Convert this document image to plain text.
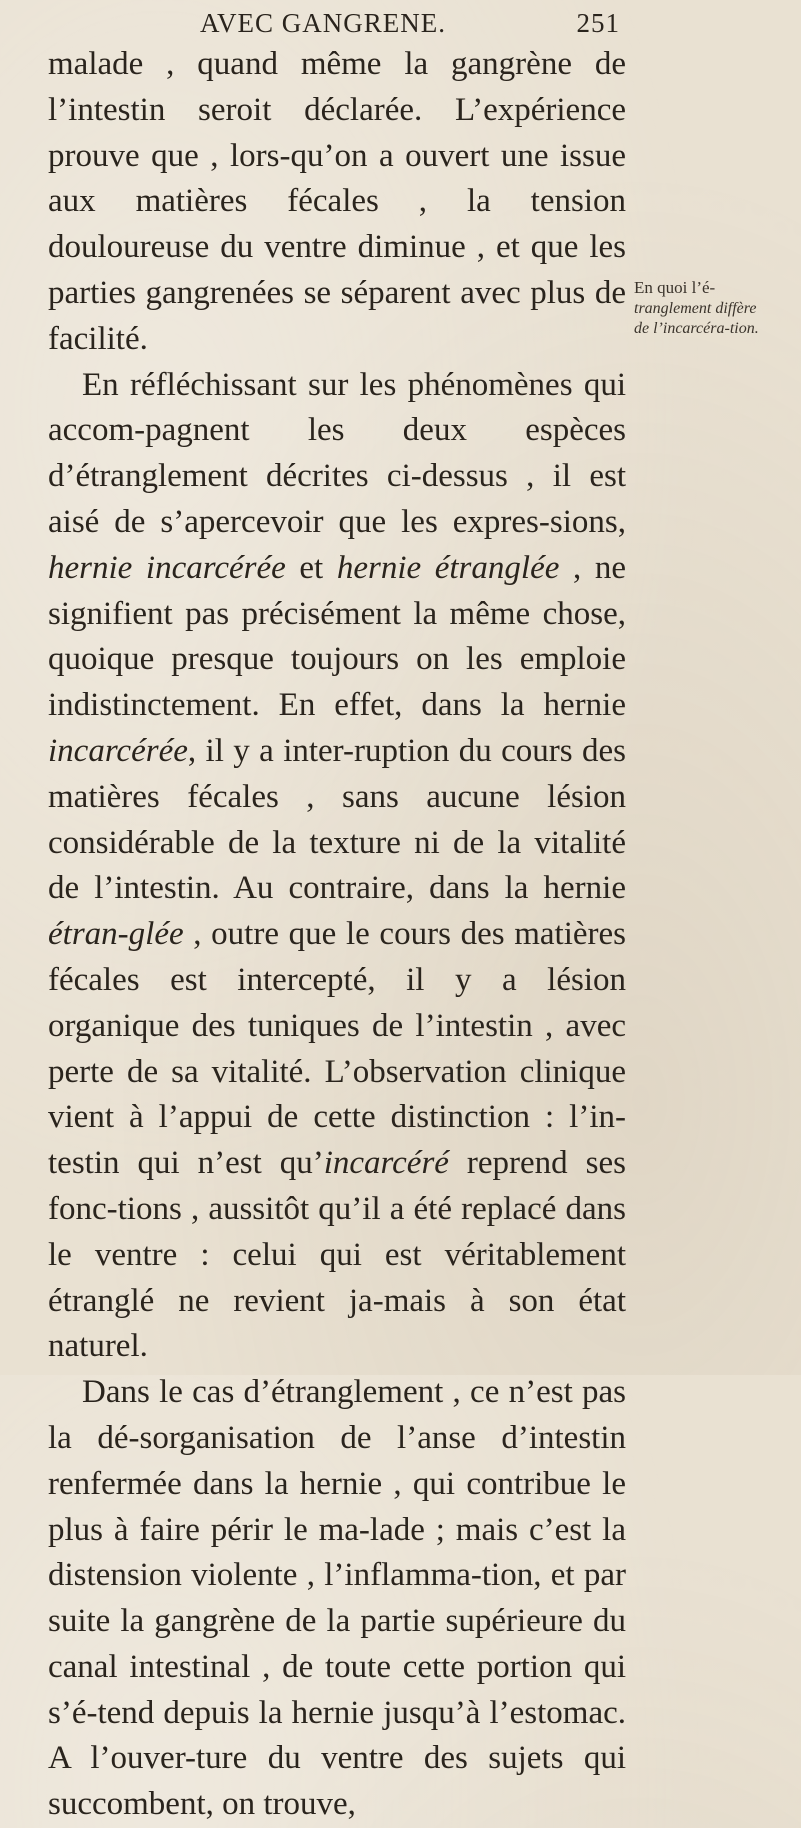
AVEC GANGRENE.	251

malade , quand même la gangrène de l’intestin seroit déclarée. L’expérience prouve que , lors-qu’on a ouvert une issue aux matières fécales , la tension douloureuse du ventre diminue , et que les parties gangrenées se séparent avec plus de facilité.

En réfléchissant sur les phénomènes qui accom-pagnent les deux espèces d’étranglement décrites ci-dessus , il est aisé de s’apercevoir que les expres-sions, hernie incarcérée et hernie étranglée , ne signifient pas précisément la même chose, quoique presque toujours on les emploie indistinctement. En effet, dans la hernie incarcérée, il y a inter-ruption du cours des matières fécales , sans aucune lésion considérable de la texture ni de la vitalité de l’intestin. Au contraire, dans la hernie étran-glée , outre que le cours des matières fécales est intercepté, il y a lésion organique des tuniques de l’intestin , avec perte de sa vitalité. L’observation clinique vient à l’appui de cette distinction : l’in-testin qui n’est qu’incarcéré reprend ses fonc-tions , aussitôt qu’il a été replacé dans le ventre : celui qui est véritablement étranglé ne revient ja-mais à son état naturel.

Dans le cas d’étranglement , ce n’est pas la dé-sorganisation de l’anse d’intestin renfermée dans la hernie , qui contribue le plus à faire périr le ma-lade ; mais c’est la distension violente , l’inflamma-tion, et par suite la gangrène de la partie supérieure du canal intestinal , de toute cette portion qui s’é-tend depuis la hernie jusqu’à l’estomac. A l’ouver-ture du ventre des sujets qui succombent, on trouve,

En quoi l’é- tranglement diffère de l’incarcéra-tion.
